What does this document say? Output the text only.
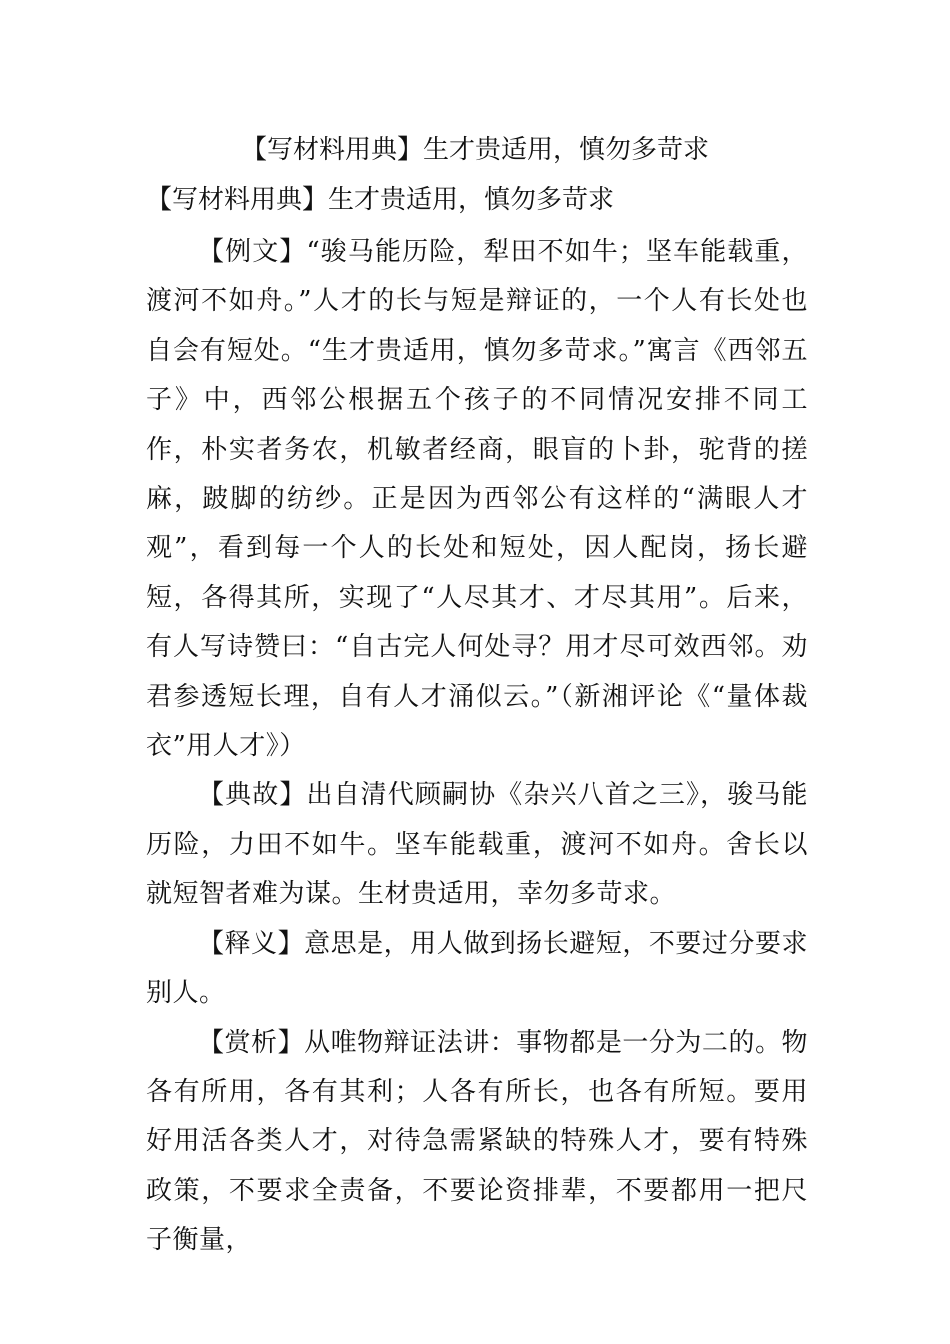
【写材料用典】生才贵适用，慎勿多苛求
【写材料用典】生才贵适用，慎勿多苛求

【例文】“骏马能历险，犁田不如牛；坚车能载重，渡河不如舟。”人才的长与短是辩证的，一个人有长处也自会有短处。“生才贵适用，慎勿多苛求。”寓言《西邻五子》中，西邻公根据五个孩子的不同情况安排不同工作，朴实者务农，机敏者经商，眼盲的卜卦，驼背的搓麻，跛脚的纺纱。正是因为西邻公有这样的“满眼人才观”，看到每一个人的长处和短处，因人配岗，扬长避短，各得其所，实现了“人尽其才、才尽其用”。后来，有人写诗赞曰：“自古完人何处寻？用才尽可效西邻。劝君参透短长理，自有人才涌似云。”（新湘评论《“量体裁衣”用人才》）

【典故】出自清代顾嗣协《杂兴八首之三》，骏马能历险，力田不如牛。坚车能载重，渡河不如舟。舍长以就短智者难为谋。生材贵适用，幸勿多苛求。

【释义】意思是，用人做到扬长避短，不要过分要求别人。

【赏析】从唯物辩证法讲：事物都是一分为二的。物各有所用，各有其利；人各有所长，也各有所短。要用好用活各类人才，对待急需紧缺的特殊人才，要有特殊政策，不要求全责备，不要论资排辈，不要都用一把尺子衡量，
